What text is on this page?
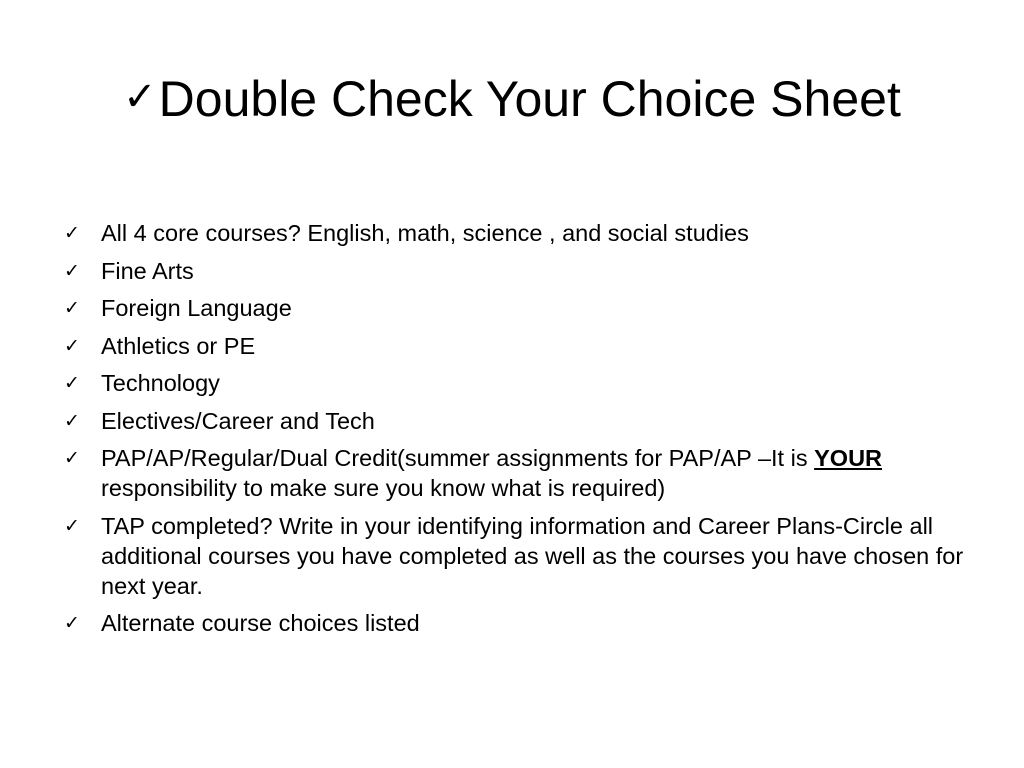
✓Double Check Your Choice Sheet
✓ All 4 core courses? English, math, science , and social studies
✓ Fine Arts
✓ Foreign Language
✓ Athletics or PE
✓ Technology
✓ Electives/Career and Tech
✓ PAP/AP/Regular/Dual Credit(summer assignments for PAP/AP –It is YOUR responsibility to make sure you know what is required)
✓ TAP completed? Write in your identifying information and Career Plans-Circle all additional courses you have completed as well as the courses you have chosen for next year.
✓ Alternate course choices listed
